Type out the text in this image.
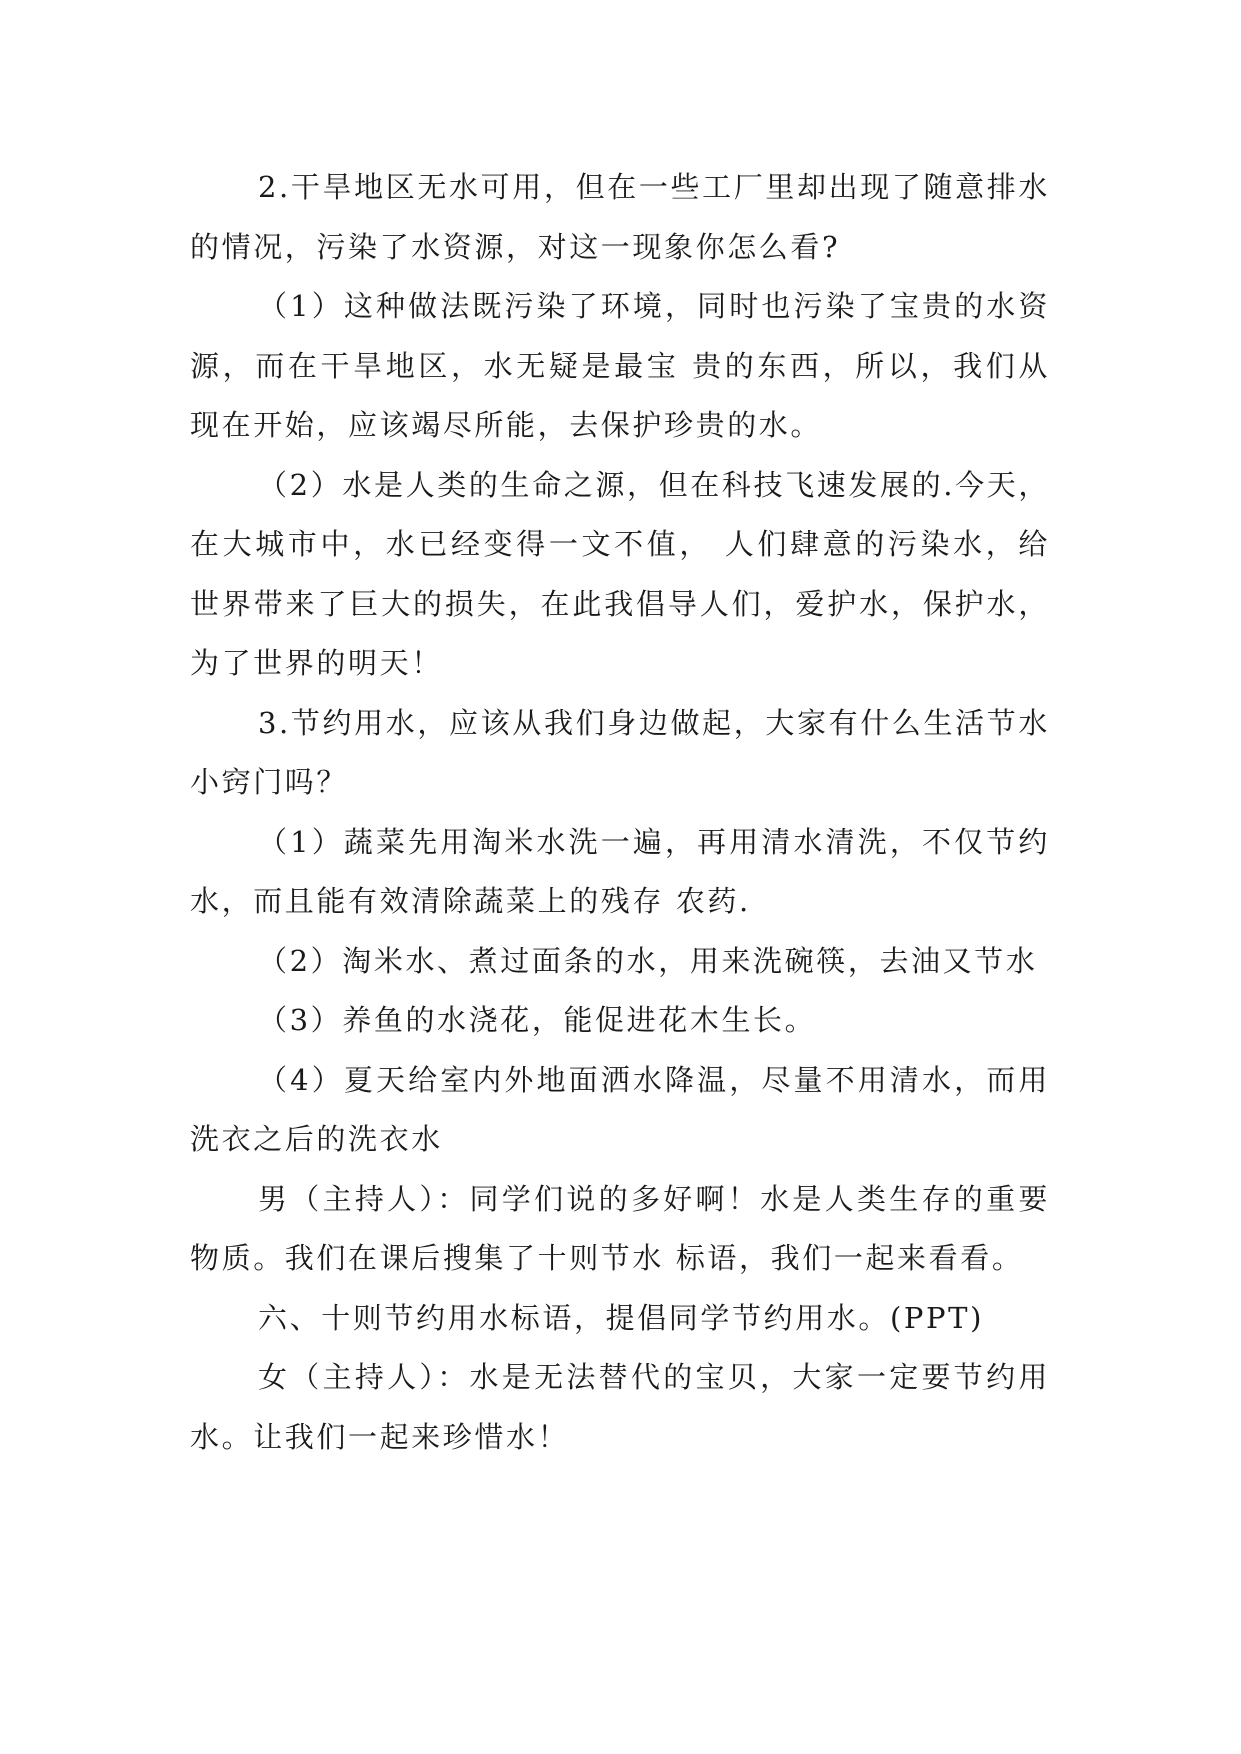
2.干旱地区无水可用，但在一些工厂里却出现了随意排水的情况，污染了水资源，对这一现象你怎么看?

（1）这种做法既污染了环境，同时也污染了宝贵的水资源，而在干旱地区，水无疑是最宝 贵的东西，所以，我们从现在开始，应该竭尽所能，去保护珍贵的水。

（2）水是人类的生命之源，但在科技飞速发展的.今天，在大城市中，水已经变得一文不值， 人们肆意的污染水，给世界带来了巨大的损失，在此我倡导人们，爱护水，保护水，为了世界的明天！

3.节约用水，应该从我们身边做起，大家有什么生活节水小窍门吗？

（1）蔬菜先用淘米水洗一遍，再用清水清洗，不仅节约水，而且能有效清除蔬菜上的残存 农药.

（2）淘米水、煮过面条的水，用来洗碗筷，去油又节水

（3）养鱼的水浇花，能促进花木生长。

（4）夏天给室内外地面洒水降温，尽量不用清水，而用洗衣之后的洗衣水

男（主持人）：同学们说的多好啊！水是人类生存的重要物质。我们在课后搜集了十则节水 标语，我们一起来看看。

六、十则节约用水标语，提倡同学节约用水。(PPT)

女（主持人）：水是无法替代的宝贝，大家一定要节约用水。让我们一起来珍惜水！
